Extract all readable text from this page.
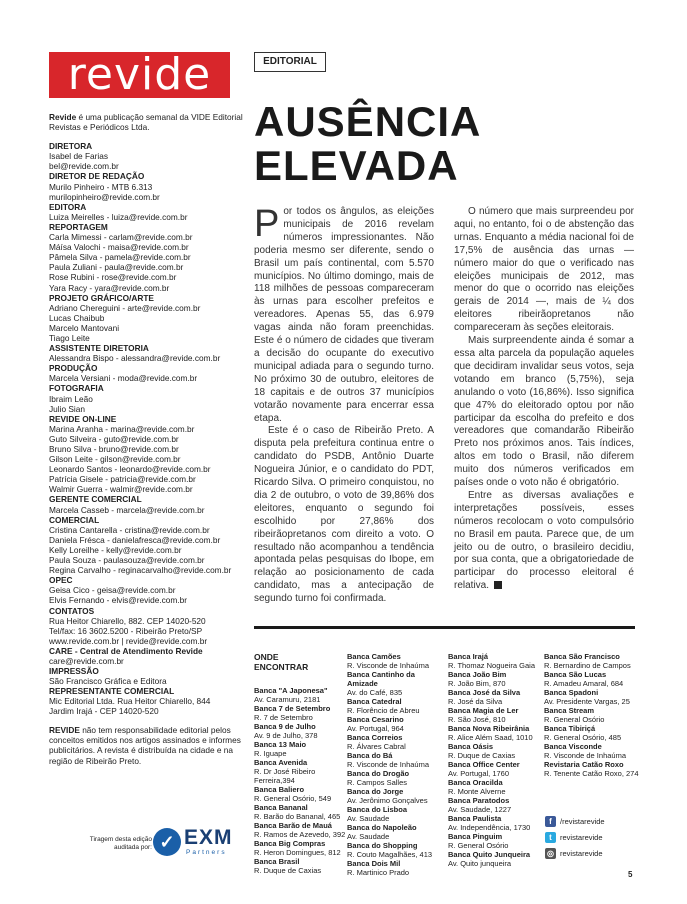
revide
Revide é uma publicação semanal da VIDE Editorial Revistas e Periódicos Ltda.
DIRETORA
Isabel de Farias
bel@revide.com.br
DIRETOR DE REDAÇÃO
Murilo Pinheiro - MTB 6.313
murilopinheiro@revide.com.br
EDITORA
Luiza Meirelles - luiza@revide.com.br
REPORTAGEM
Carla Mimessi - carlam@revide.com.br
Máísa Valochi - maisa@revide.com.br
Pâmela Silva - pamela@revide.com.br
Paula Zuliani - paula@revide.com.br
Rose Rubini - rose@revide.com.br
Yara Racy - yara@revide.com.br
PROJETO GRÁFICO/ARTE
Adriano Chereguini - arte@revide.com.br
Lucas Chaibub
Marcelo Mantovani
Tiago Leite
ASSISTENTE DIRETORIA
Alessandra Bispo - alessandra@revide.com.br
PRODUÇÃO
Marcela Versiani - moda@revide.com.br
FOTOGRAFIA
Ibraim Leão
Julio Sian
REVIDE ON-LINE
Marina Aranha - marina@revide.com.br
Guto Silveira - guto@revide.com.br
Bruno Silva - bruno@revide.com.br
Gilson Leite - gilson@revide.com.br
Leonardo Santos - leonardo@revide.com.br
Patrícia Gisele - patricia@revide.com.br
Walmir Guerra - walmir@revide.com.br
GERENTE COMERCIAL
Marcela Casseb - marcela@revide.com.br
COMERCIAL
Cristina Cantarella - cristina@revide.com.br
Daniela Frésca - danielafresca@revide.com.br
Kelly Loreilhe - kelly@revide.com.br
Paula Souza - paulasouza@revide.com.br
Regina Carvalho - reginacarvalho@revide.com.br
OPEC
Geisa Cico - geisa@revide.com.br
Elvis Fernando - elvis@revide.com.br
CONTATOS
Rua Heitor Chiarello, 882. CEP 14020-520
Tel/fax: 16 3602.5200 - Ribeirão Preto/SP
www.revide.com.br | revide@revide.com.br
CARE - Central de Atendimento Revide
care@revide.com.br
IMPRESSÃO
São Francisco Gráfica e Editora
REPRESENTANTE COMERCIAL
Mic Editorial Ltda. Rua Heitor Chiarello, 844
Jardim Irajá - CEP 14020-520
REVIDE não tem responsabilidade editorial pelos conceitos emitidos nos artigos assinados e informes publicitários. A revista é distribuída na cidade e na região de Ribeirão Preto.
Tiragem desta edição auditada por: ✓ EXM
Partners
EDITORIAL
AUSÊNCIA
ELEVADA

Por todos os ângulos, as eleições municipais de 2016 revelam números impressionantes. Não poderia mesmo ser diferente, sendo o Brasil um país continental, com 5.570 municípios. No último domingo, mais de 118 milhões de pessoas compareceram às urnas para escolher prefeitos e vereadores. Apenas 55, das 6.979 vagas ainda não foram preenchidas. Este é o número de cidades que tiveram a decisão do ocupante do executivo municipal adiada para o segundo turno. No próximo 30 de outubro, eleitores de 18 capitais e de outros 37 municípios votarão novamente para encerrar essa etapa.

Este é o caso de Ribeirão Preto. A disputa pela prefeitura continua entre o candidato do PSDB, Antônio Duarte Nogueira Júnior, e o candidato do PDT, Ricardo Silva. O primeiro conquistou, no dia 2 de outubro, o voto de 39,86% dos eleitores, enquanto o segundo foi escolhido por 27,86% dos ribeirãopretanos com direito a voto. O resultado não acompanhou a tendência apontada pelas pesquisas do Ibope, em relação ao posicionamento de cada candidato, mas a antecipação de segundo turno foi confirmada.

O número que mais surpreendeu por aqui, no entanto, foi o de abstenção das urnas. Enquanto a média nacional foi de 17,5% de ausência das urnas — número maior do que o verificado nas eleições municipais de 2012, mas menor do que o ocorrido nas eleições gerais de 2014 —, mais de ¼ dos eleitores ribeirãopretanos não compareceram às seções eleitorais.

Mais surpreendente ainda é somar a essa alta parcela da população aqueles que decidiram invalidar seus votos, seja votando em branco (5,75%), seja anulando o voto (16,86%). Isso significa que 47% do eleitorado optou por não participar da escolha do prefeito e dos vereadores que comandarão Ribeirão Preto nos próximos anos. Tais índices, altos em todo o Brasil, não diferem muito dos números verificados em países onde o voto não é obrigatório.

Entre as diversas avaliações e interpretações possíveis, esses números recolocam o voto compulsório no Brasil em pauta. Parece que, de um jeito ou de outro, o brasileiro decidiu, por sua conta, que a obrigatoriedade de participar do processo eleitoral é relativa.

ONDE
ENCONTRAR
Banca "A Japonesa"
Av. Caramuru, 2181
Banca 7 de Setembro
R. 7 de Setembro
Banca 9 de Julho
Av. 9 de Julho, 378
Banca 13 Maio
R. Iguape
Banca Avenida
R. Dr José Ribeiro Ferreira,394
Banca Baliero
R. General Osório, 549
Banca Bananal
R. Barão do Bananal, 465
Banca Barão de Mauá
R. Ramos de Azevedo, 392
Banca Big Compras
R. Heron Domingues, 812
Banca Brasil
R. Duque de Caxias
Banca Camões
R. Visconde de Inhaúma
Banca Cantinho da Amizade
Av. do Café, 835
Banca Catedral
R. Florêncio de Abreu
Banca Cesarino
Av. Portugal, 964
Banca Correios
R. Álvares Cabral
Banca do Bá
R. Visconde de Inhaúma
Banca do Drogão
R. Campos Salles
Banca do Jorge
Av. Jerônimo Gonçalves
Banca do Lisboa
Av. Saudade
Banca do Napoleão
Av. Saudade
Banca do Shopping
R. Couto Magalhães, 413
Banca Dois Mil
R. Martinico Prado
Banca Irajá
R. Thomaz Nogueira Gaia
Banca João Bim
R. João Bim, 870
Banca José da Silva
R. José da Silva
Banca Magia de Ler
R. São José, 810
Banca Nova Ribeirânia
R. Alice Além Saad, 1010
Banca Oásis
R. Duque de Caxias
Banca Office Center
Av. Portugal, 1760
Banca Oracilda
R. Monte Alverne
Banca Paratodos
Av. Saudade, 1227
Banca Paulista
Av. Independência, 1730
Banca Pinguim
R. General Osório
Banca Quito Junqueira
Av. Quito junqueira
Banca São Francisco
R. Bernardino de Campos
Banca São Lucas
R. Amadeu Amaral, 684
Banca Spadoni
Av. Presidente Vargas, 25
Banca Stream
R. General Osório
Banca Tibiriçá
R. General Osório, 485
Banca Visconde
R. Visconde de Inhaúma
Revistaria Catão Roxo
R. Tenente Catão Roxo, 274
f	/revistarevide
t	revistarevide
◎ revistarevide
5
